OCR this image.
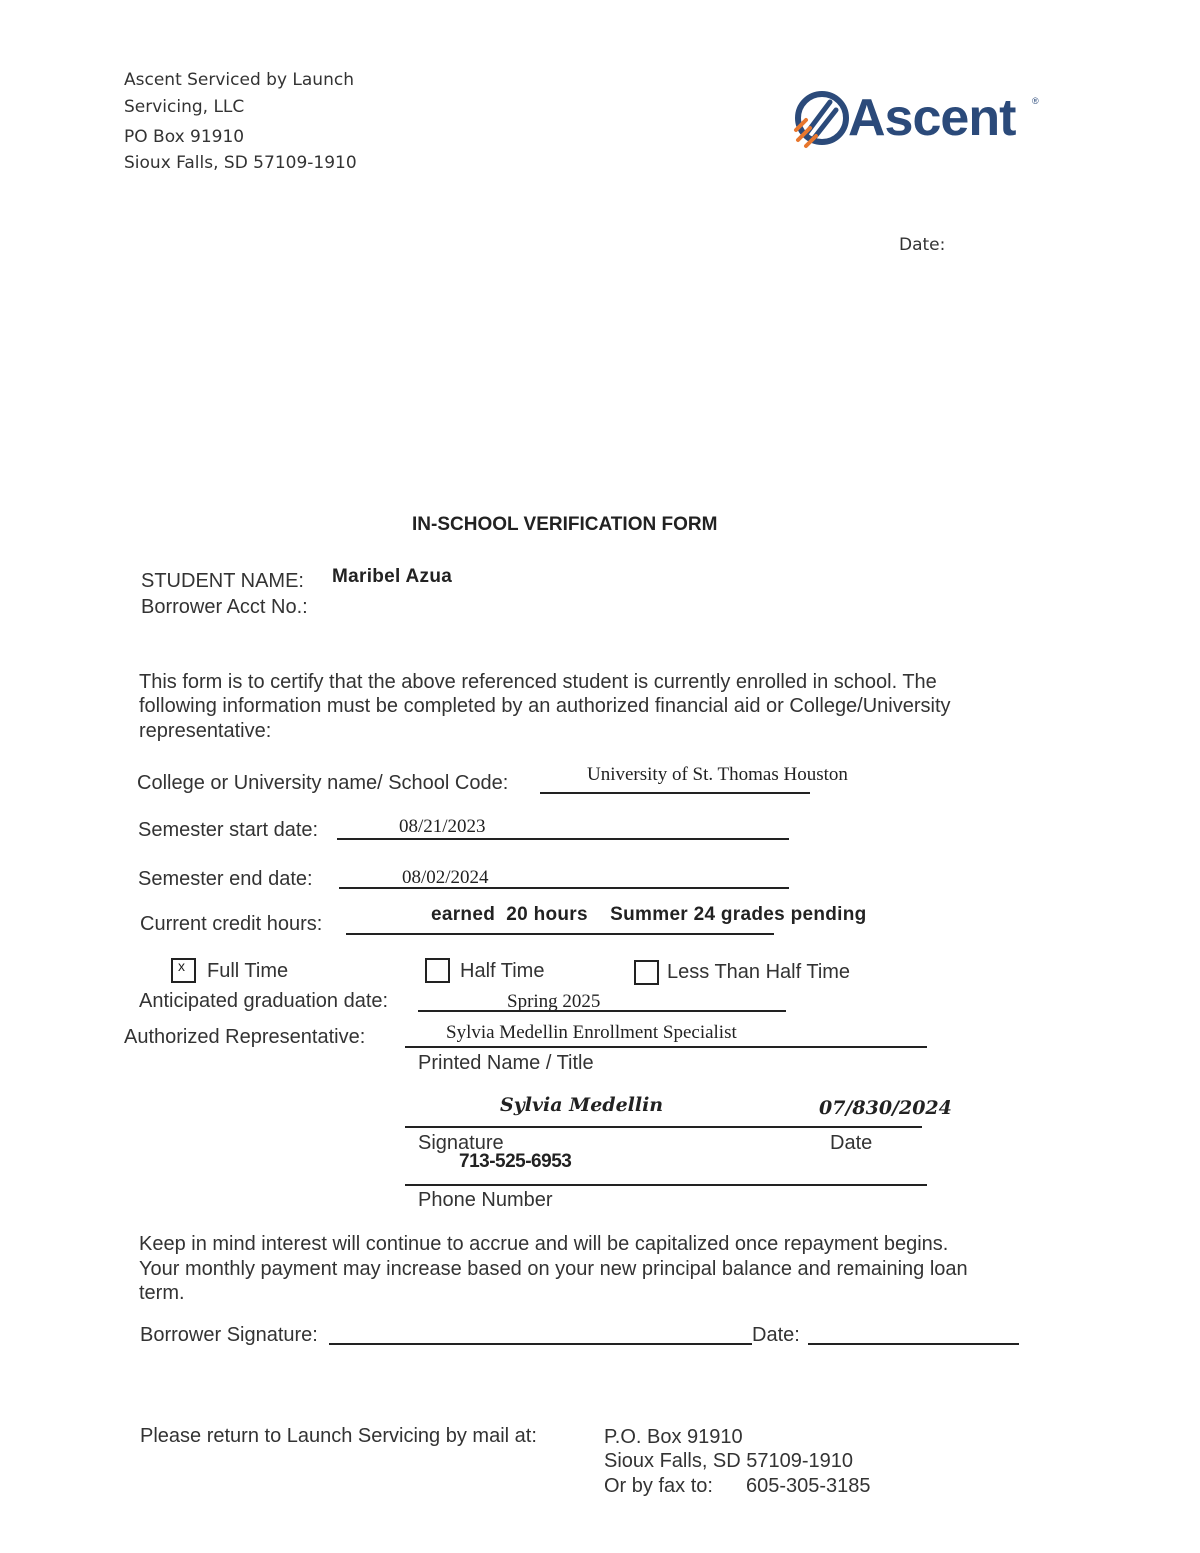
Ascent Serviced by Launch
Servicing, LLC
PO Box 91910
Sioux Falls, SD 57109-1910
Ascent ®
Date:
IN-SCHOOL VERIFICATION FORM
STUDENT NAME: Maribel Azua
Borrower Acct No.:
This form is to certify that the above referenced student is currently enrolled in school. The
following information must be completed by an authorized financial aid or College/University
representative:
College or University name/ School Code:	University of St. Thomas Houston
Semester start date:	08/21/2023
Semester end date:	08/02/2024
Current credit hours:	earned  20 hours    Summer 24 grades pending
x Full Time	Half Time	Less Than Half Time
Anticipated graduation date:	Spring 2025
Authorized Representative:	Sylvia Medellin Enrollment Specialist
Printed Name / Title
Sylvia Medellin	07/830/2024
Signature	Date
713-525-6953
Phone Number
Keep in mind interest will continue to accrue and will be capitalized once repayment begins.
Your monthly payment may increase based on your new principal balance and remaining loan
term.
Borrower Signature:	Date:
Please return to Launch Servicing by mail at:	P.O. Box 91910
Sioux Falls, SD 57109-1910
Or by fax to: 605-305-3185
